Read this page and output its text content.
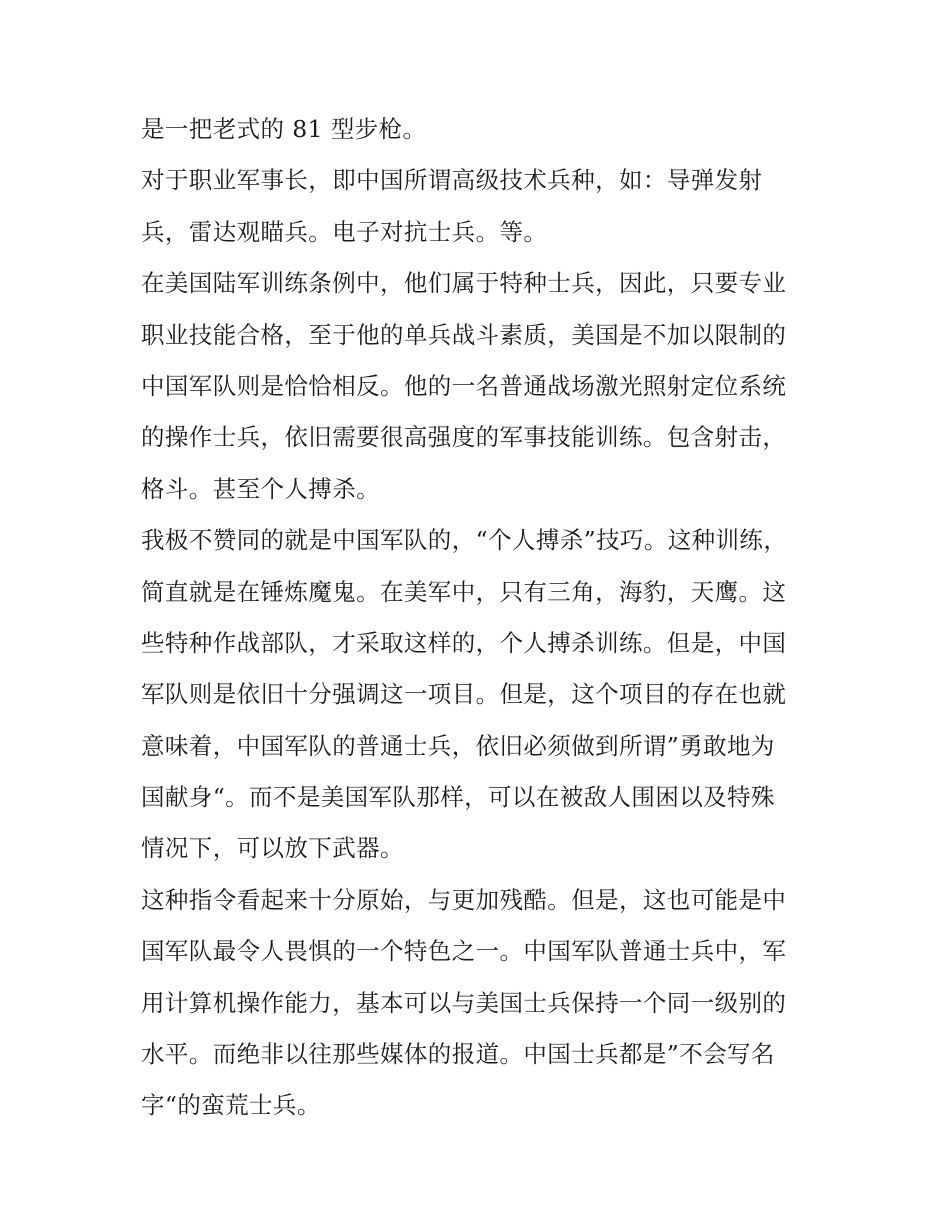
是一把老式的 81 型步枪。
对于职业军事长，即中国所谓高级技术兵种，如：导弹发射
兵，雷达观瞄兵。电子对抗士兵。等。
在美国陆军训练条例中，他们属于特种士兵，因此，只要专业
职业技能合格，至于他的单兵战斗素质，美国是不加以限制的
中国军队则是恰恰相反。他的一名普通战场激光照射定位系统
的操作士兵，依旧需要很高强度的军事技能训练。包含射击，
格斗。甚至个人搏杀。
我极不赞同的就是中国军队的，“个人搏杀”技巧。这种训练，
简直就是在锤炼魔鬼。在美军中，只有三角，海豹，天鹰。这
些特种作战部队，才采取这样的，个人搏杀训练。但是，中国
军队则是依旧十分强调这一项目。但是，这个项目的存在也就
意味着，中国军队的普通士兵，依旧必须做到所谓”勇敢地为
国献身“。而不是美国军队那样，可以在被敌人围困以及特殊
情况下，可以放下武器。
这种指令看起来十分原始，与更加残酷。但是，这也可能是中
国军队最令人畏惧的一个特色之一。中国军队普通士兵中，军
用计算机操作能力，基本可以与美国士兵保持一个同一级别的
水平。而绝非以往那些媒体的报道。中国士兵都是”不会写名
字“的蛮荒士兵。
